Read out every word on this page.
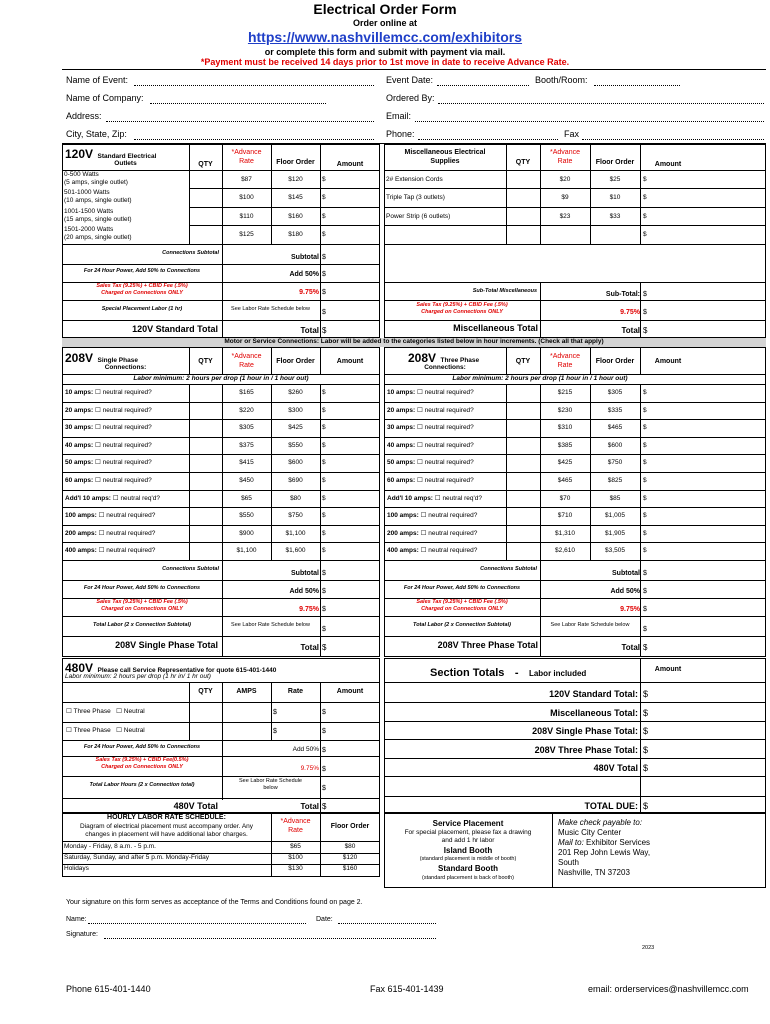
Electrical Order Form
Order online at
https://www.nashvillemcc.com/exhibitors
or complete this form and submit with payment via mail.
*Payment must be received 14 days prior to 1st move in date to receive Advance Rate.
Name of Event:	Event Date:	Booth/Room:
Name of Company:	Ordered By:
Address:	Email:
City, State, Zip:	Phone:	Fax
120V Standard Electrical
Outlets	QTY
*Advance
Rate	Floor Order	Amount
0-500 Watts
(5 amps, single outlet)	$87	$120	$
501-1000 Watts
(10 amps, single outlet)	$100	$145	$
1001-1500 Watts
(15 amps, single outlet)	$110	$160	$
1501-2000 Watts
(20 amps, single outlet)	$125	$180	$
Connections Subtotal
Subtotal $
For 24 Hour Power, Add 50% to Connections	Add 50% $
Sales Tax (9.25%) + CBID Fee (.5%)
Charged on Connections ONLY	9.75% $
Special Placement Labor (1 hr)	See Labor Rate Schedule below	$
120V Standard Total	Total $
Miscellaneous Electrical
Supplies	QTY
*Advance
Rate	Floor Order	Amount
2# Extension Cords	$20	$25	$
Triple Tap (3 outlets)	$9	$10	$
Power Strip (6 outlets)	$23	$33	$
$
Sub-Total Miscellaneous	Sub-Total: $
Sales Tax (9.25%) + CBID Fee (.5%)
Charged on Connections ONLY	9.75% $
Miscellaneous Total	Total $
Motor or Service Connections: Labor will be added to the categories listed below in hour increments. (Check all that apply)
208V Single Phase
Connections:
QTY
*Advance
Rate
Floor Order	Amount
Labor minimum: 2 hours per drop (1 hour in / 1 hour out)
10 amps: ☐ neutral required?	$165	$260	$
20 amps: ☐ neutral required?	$220	$300	$
30 amps: ☐ neutral required?	$305	$425	$
40 amps: ☐ neutral required?	$375	$550	$
50 amps: ☐ neutral required?	$415	$600	$
60 amps: ☐ neutral required?	$450	$690	$
Add'l 10 amps: ☐ neutral req'd?	$65	$80	$
100 amps: ☐ neutral required?	$550	$750	$
200 amps: ☐ neutral required?	$900	$1,100	$
400 amps: ☐ neutral required?	$1,100	$1,600	$
208V Three Phase
Connections:
QTY
*Advance
Rate
Floor Order	Amount
Labor minimum: 2 hours per drop (1 hour in / 1 hour out)
10 amps: ☐ neutral required?	$215	$305	$
20 amps: ☐ neutral required?	$230	$335	$
30 amps: ☐ neutral required?	$310	$465	$
40 amps: ☐ neutral required?	$385	$600	$
50 amps: ☐ neutral required?	$425	$750	$
60 amps: ☐ neutral required?	$465	$825	$
Add'l 10 amps: ☐ neutral req'd?	$70	$85	$
100 amps: ☐ neutral required?	$710	$1,005	$
200 amps: ☐ neutral required?	$1,310	$1,905	$
400 amps: ☐ neutral required?	$2,610	$3,505	$
Connections Subtotal
Subtotal $
For 24 Hour Power, Add 50% to Connections	Add 50% $
Sales Tax (9.25%) + CBID Fee (.5%)
Charged on Connections ONLY	9.75% $
Total Labor (2 x Connection Subtotal)	See Labor Rate Schedule below
$
208V Single Phase Total	Total $
Connections Subtotal
Subtotal $
For 24 Hour Power, Add 50% to Connections	Add 50% $
Sales Tax (9.25%) + CBID Fee (.5%)
Charged on Connections ONLY	9.75% $
Total Labor (2 x Connection Subtotal)	See Labor Rate Schedule below
$
208V Three Phase Total	Total $
480V Please call Service Representative for quote 615-401-1440
Labor minimum: 2 hours per drop (1 hr in/ 1 hr out)
QTY	AMPS	Rate	Amount
☐ Three Phase   ☐ Neutral	$	$
☐ Three Phase   ☐ Neutral	$	$
For 24 Hour Power, Add 50% to Connections	Add 50% $
Sales Tax (9.25%) + CBID Fee(0.5%)
Charged on Connections ONLY	9.75% $
Total Labor Hours (2 x Connection total)
See Labor Rate Schedule
below	$
480V Total	Total $
HOURLY LABOR RATE SCHEDULE:
Diagram of electrical placement must accompany order. Any
changes in placement will have additional labor charges.
*Advance
Rate
Floor Order
Monday - Friday, 8 a.m. - 5 p.m.	$65	$80
Saturday, Sunday, and after 5 p.m. Monday-Friday	$100	$120
Holidays	$130	$160
Section Totals - Labor included	Amount
120V Standard Total: $
Miscellaneous Total: $
208V Single Phase Total: $
208V Three Phase Total: $
480V Total $
TOTAL DUE: $
Service Placement
For special placement, please fax a drawing
and add 1 hr labor
Island Booth
(standard placement is middle of booth)
Standard Booth
(standard placement is back of booth)
Make check payable to:
Music City Center
Mail to: Exhibitor Services
201 Rep John Lewis Way,
South
Nashville, TN 37203
Your signature on this form serves as acceptance of the Terms and Conditions found on page 2.
Name:	Date:
Signature:
2023
Phone 615-401-1440	Fax 615-401-1439	email: orderservices@nashvillemcc.com
